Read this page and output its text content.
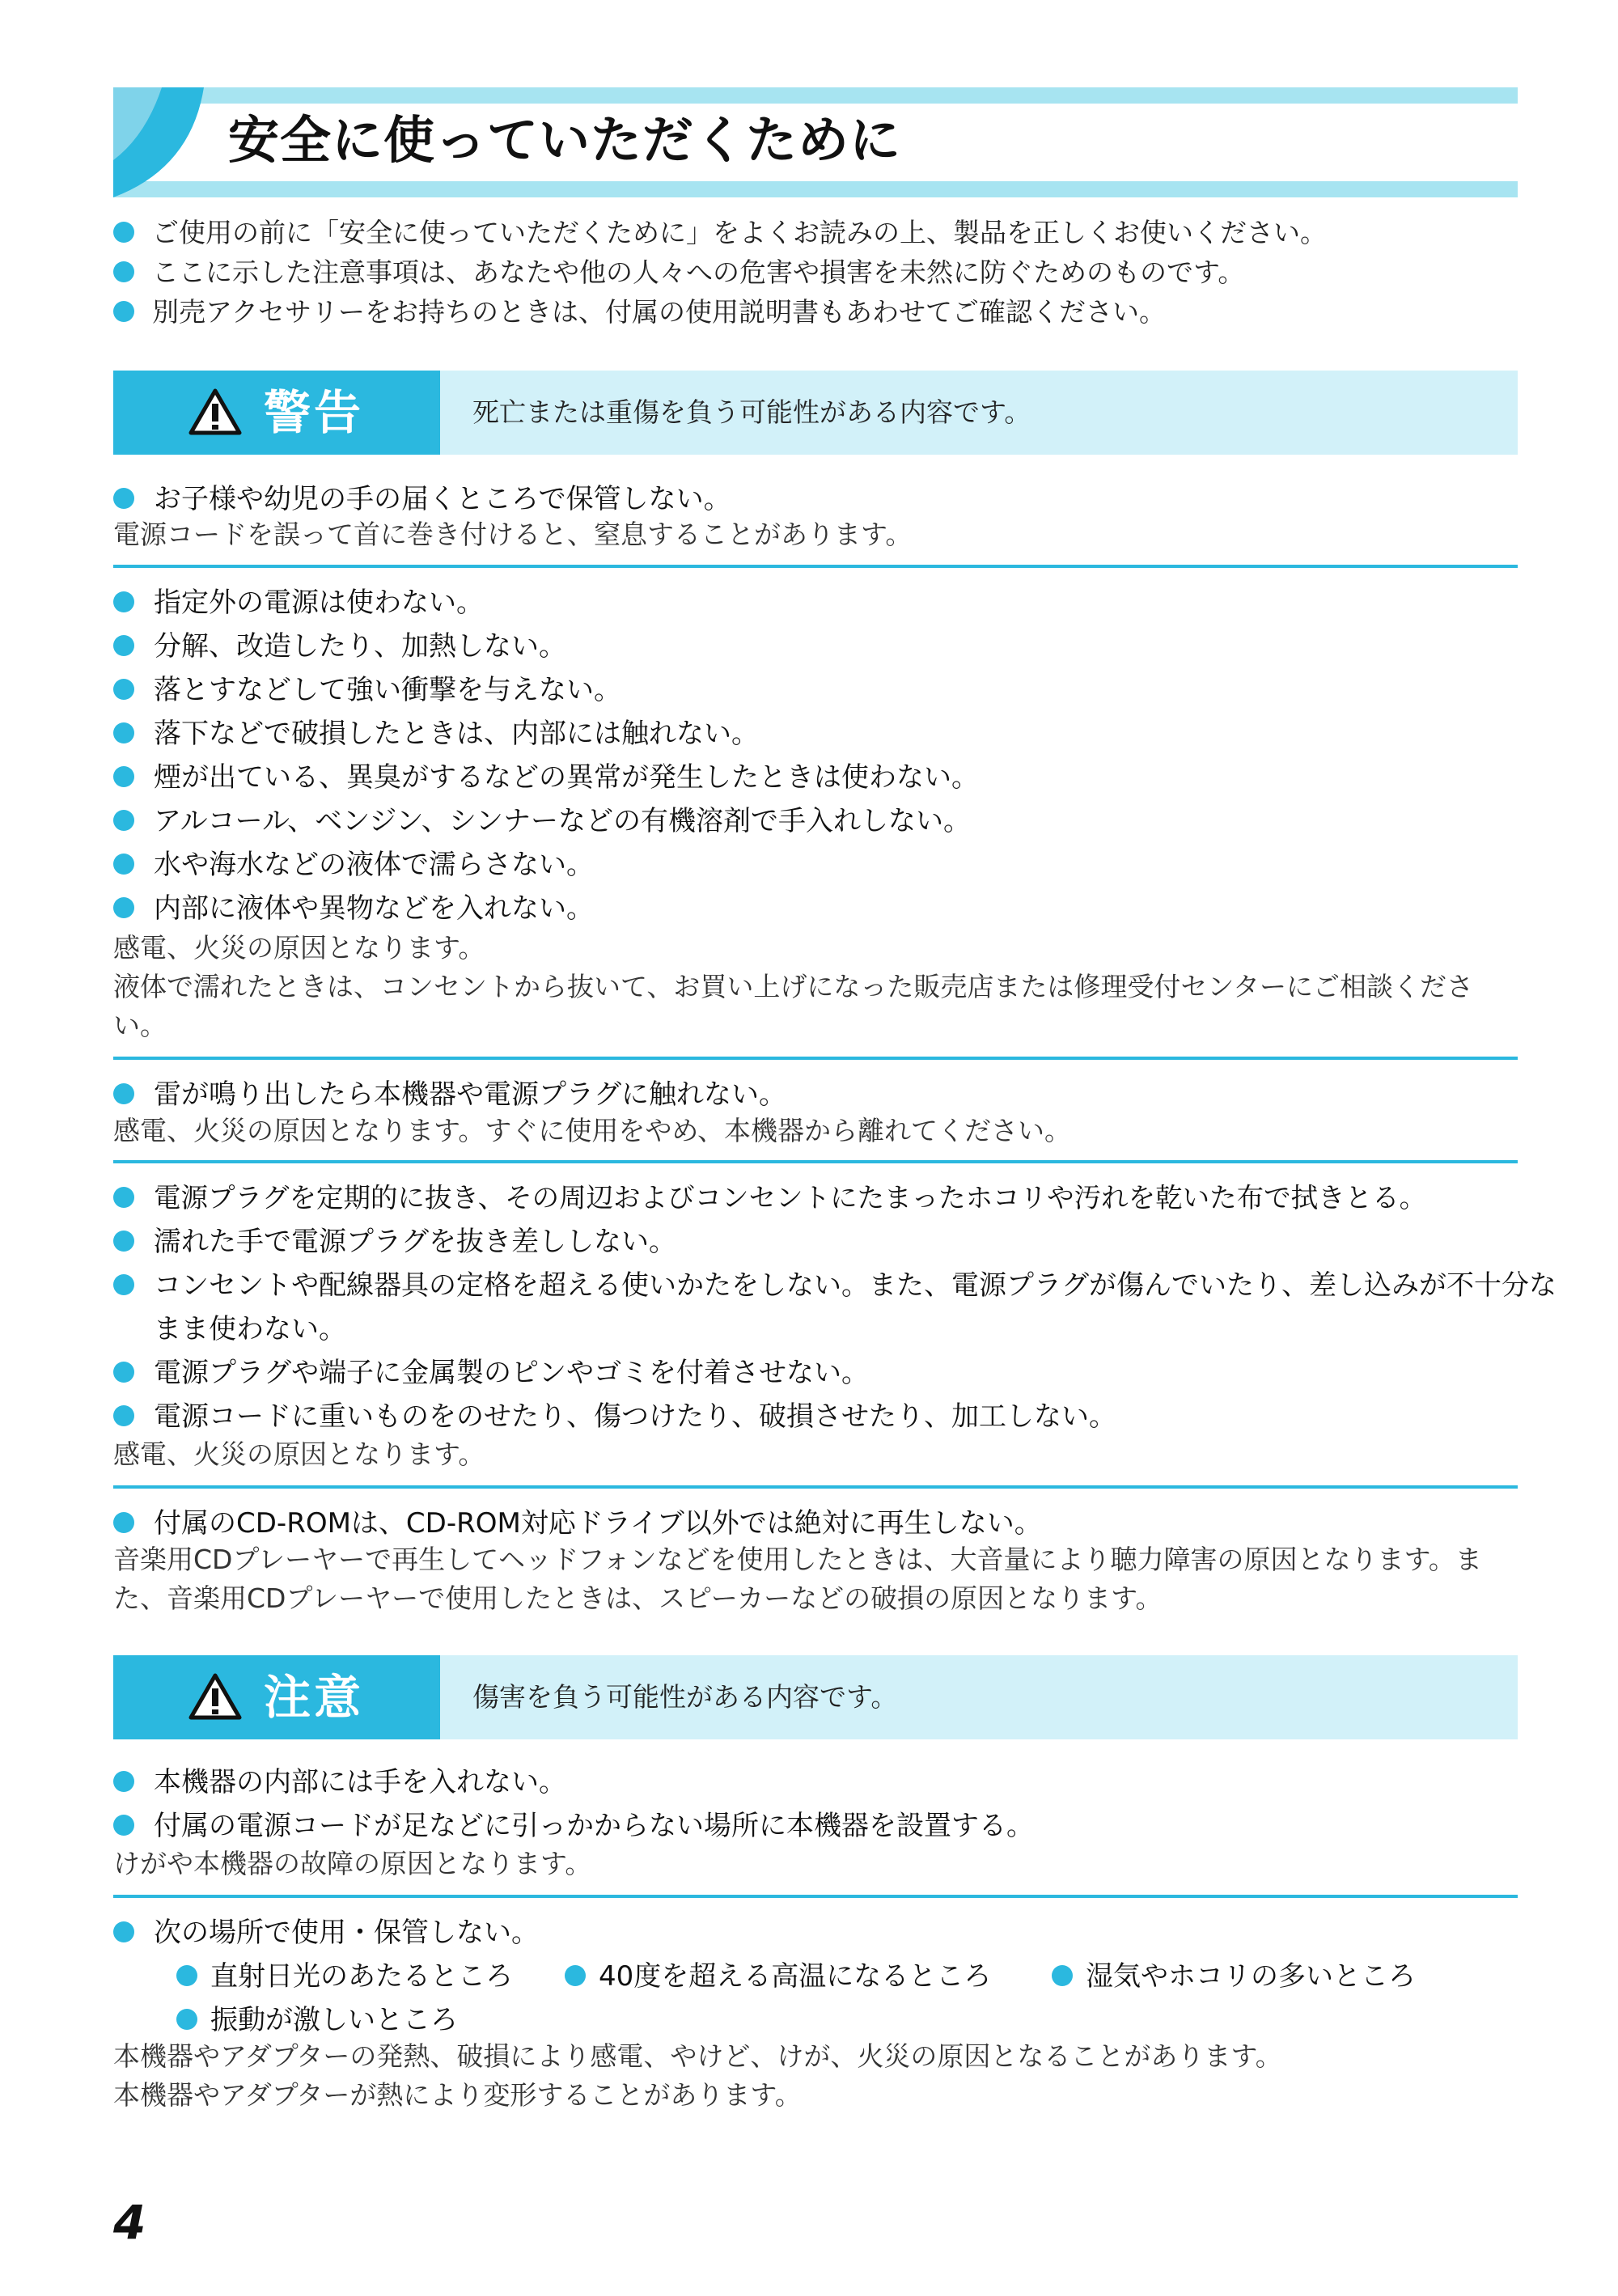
安全に使っていただくために
ご使用の前に「安全に使っていただくために」をよくお読みの上、製品を正しくお使いください。
ここに示した注意事項は、あなたや他の人々への危害や損害を未然に防ぐためのものです。
別売アクセサリーをお持ちのときは、付属の使用説明書もあわせてご確認ください。
警告	死亡または重傷を負う可能性がある内容です。
お子様や幼児の手の届くところで保管しない。
電源コードを誤って首に巻き付けると、窒息することがあります。
指定外の電源は使わない。
分解、改造したり、加熱しない。
落とすなどして強い衝撃を与えない。
落下などで破損したときは、内部には触れない。
煙が出ている、異臭がするなどの異常が発生したときは使わない。
アルコール、ベンジン、シンナーなどの有機溶剤で手入れしない。
水や海水などの液体で濡らさない。
内部に液体や異物などを入れない。
感電、火災の原因となります。
液体で濡れたときは、コンセントから抜いて、お買い上げになった販売店または修理受付センターにご相談ください。
雷が鳴り出したら本機器や電源プラグに触れない。
感電、火災の原因となります。すぐに使用をやめ、本機器から離れてください。
電源プラグを定期的に抜き、その周辺およびコンセントにたまったホコリや汚れを乾いた布で拭きとる。
濡れた手で電源プラグを抜き差ししない。
コンセントや配線器具の定格を超える使いかたをしない。また、電源プラグが傷んでいたり、差し込みが不十分なまま使わない。
電源プラグや端子に金属製のピンやゴミを付着させない。
電源コードに重いものをのせたり、傷つけたり、破損させたり、加工しない。
感電、火災の原因となります。
付属のCD-ROMは、CD-ROM対応ドライブ以外では絶対に再生しない。
音楽用CDプレーヤーで再生してヘッドフォンなどを使用したときは、大音量により聴力障害の原因となります。また、音楽用CDプレーヤーで使用したときは、スピーカーなどの破損の原因となります。
注意	傷害を負う可能性がある内容です。
本機器の内部には手を入れない。
付属の電源コードが足などに引っかからない場所に本機器を設置する。
けがや本機器の故障の原因となります。
次の場所で使用・保管しない。
直射日光のあたるところ	40度を超える高温になるところ	湿気やホコリの多いところ
振動が激しいところ
本機器やアダプターの発熱、破損により感電、やけど、けが、火災の原因となることがあります。
本機器やアダプターが熱により変形することがあります。
4
